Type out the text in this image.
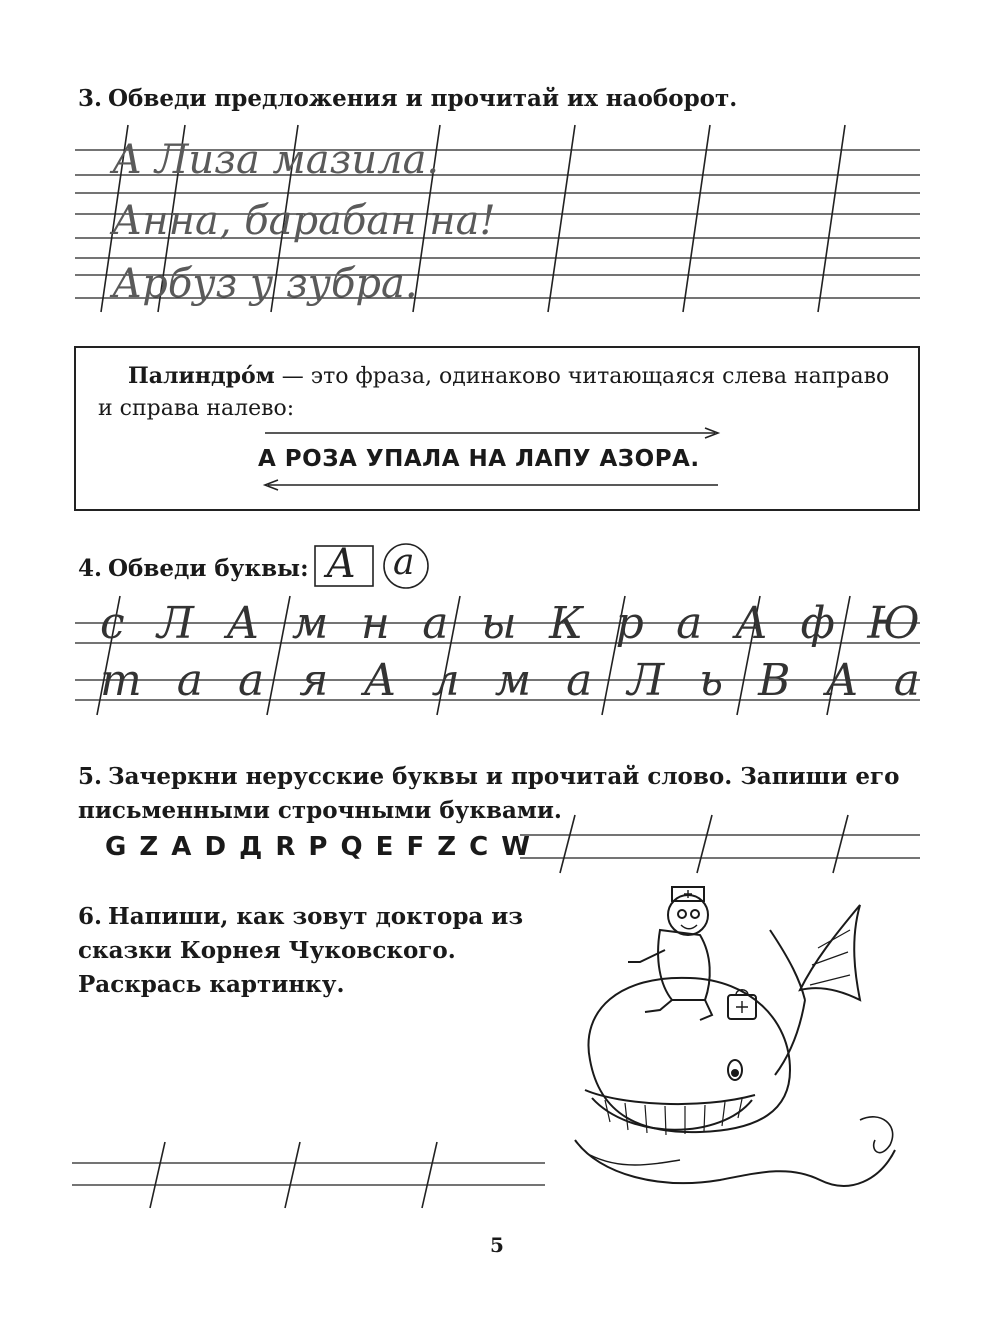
3. Обведи предложения и прочитай их наоборот.
А Лиза мазила.
Анна, барабан на!
Арбуз у зубра.
Палиндро́м — это фраза, одинаково читающаяся слева направо и справа налево:
А РОЗА УПАЛА НА ЛАПУ АЗОРА.
4. Обведи буквы: А а
с Л А м н а ы К р а А ф Ю
т а а я А л м а Л ь В А а
5. Зачеркни нерусские буквы и прочитай слово. Запиши его письменными строчными буквами.
G Z A D Д R P Q E F Z C W
6. Напиши, как зовут доктора из сказки Корнея Чуковского. Раскрась картинку.
5
